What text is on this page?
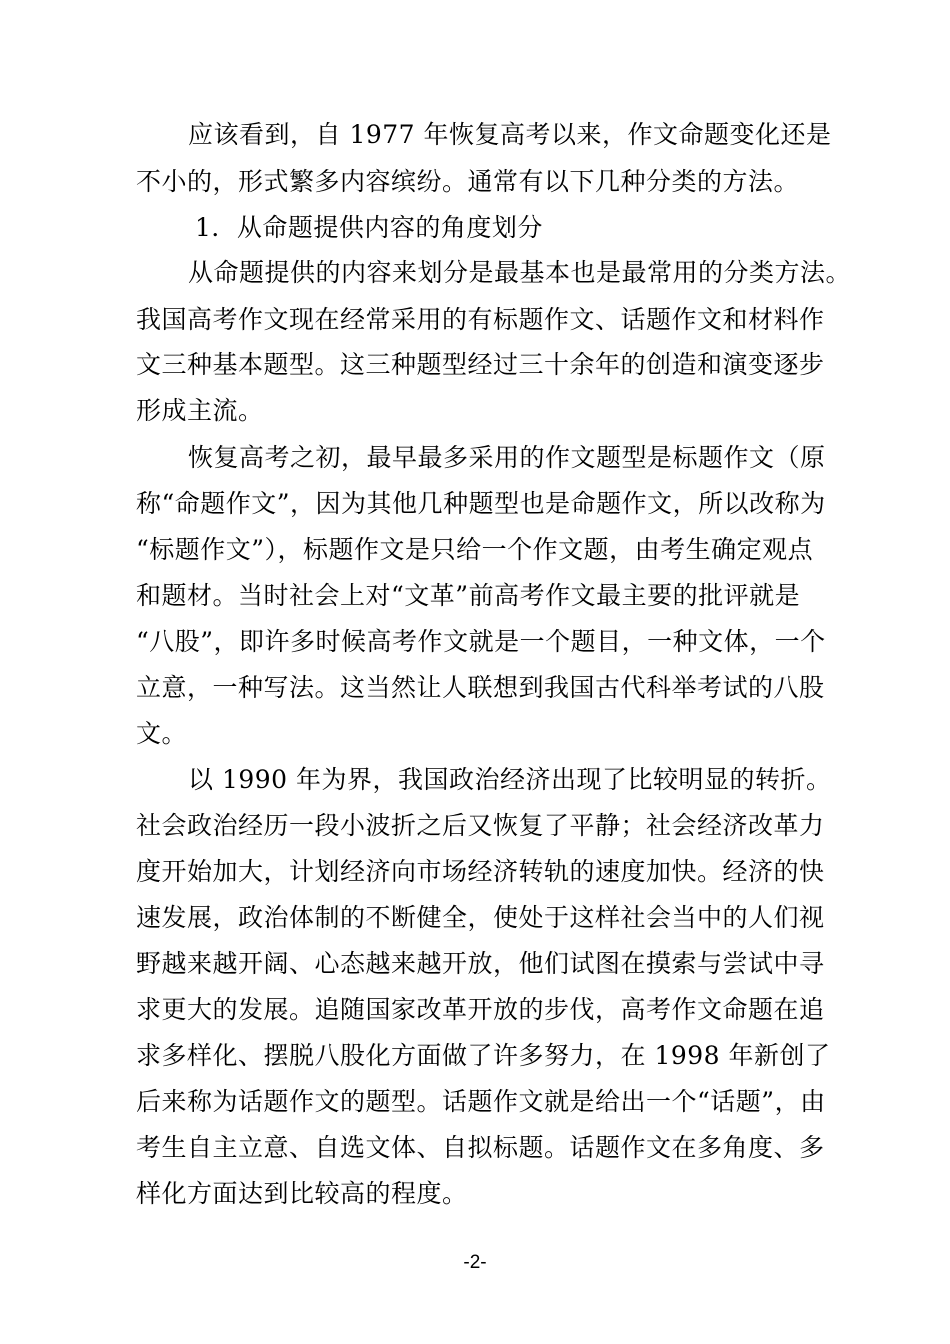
应该看到，自 1977 年恢复高考以来，作文命题变化还是
不小的，形式繁多内容缤纷。通常有以下几种分类的方法。
1．从命题提供内容的角度划分
从命题提供的内容来划分是最基本也是最常用的分类方法。
我国高考作文现在经常采用的有标题作文、话题作文和材料作
文三种基本题型。这三种题型经过三十余年的创造和演变逐步
形成主流。
恢复高考之初，最早最多采用的作文题型是标题作文（原
称“命题作文”，因为其他几种题型也是命题作文，所以改称为
“标题作文”），标题作文是只给一个作文题，由考生确定观点
和题材。当时社会上对“文革”前高考作文最主要的批评就是
“八股”，即许多时候高考作文就是一个题目，一种文体，一个
立意，一种写法。这当然让人联想到我国古代科举考试的八股
文。
以 1990 年为界，我国政治经济出现了比较明显的转折。
社会政治经历一段小波折之后又恢复了平静；社会经济改革力
度开始加大，计划经济向市场经济转轨的速度加快。经济的快
速发展，政治体制的不断健全，使处于这样社会当中的人们视
野越来越开阔、心态越来越开放，他们试图在摸索与尝试中寻
求更大的发展。追随国家改革开放的步伐，高考作文命题在追
求多样化、摆脱八股化方面做了许多努力，在 1998 年新创了
后来称为话题作文的题型。话题作文就是给出一个“话题”，由
考生自主立意、自选文体、自拟标题。话题作文在多角度、多
样化方面达到比较高的程度。
-2-
